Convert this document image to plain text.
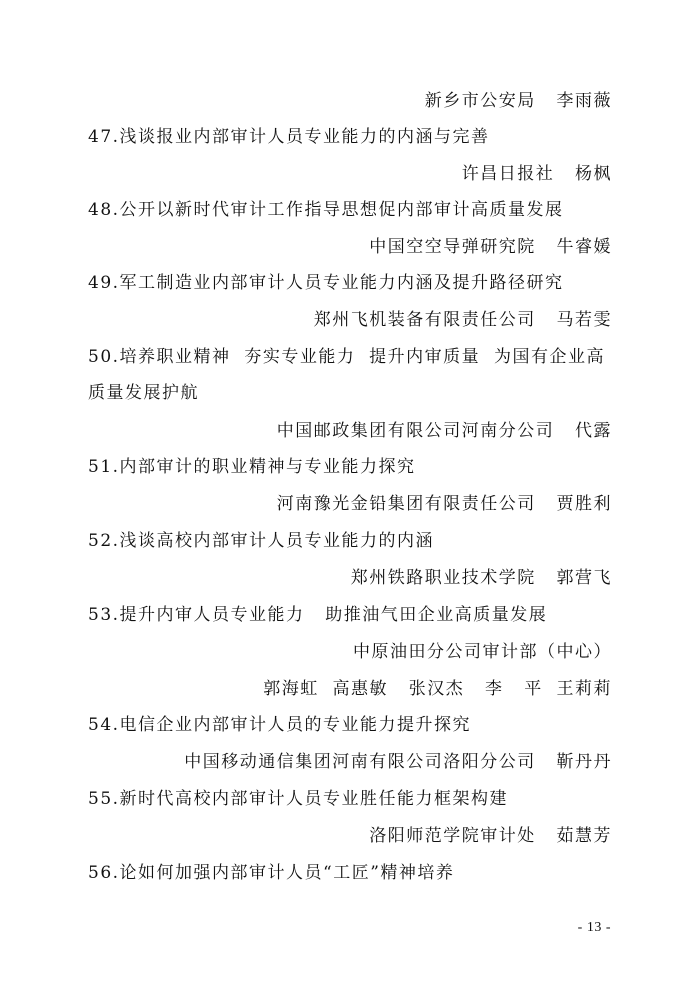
新乡市公安局   李雨薇
47.浅谈报业内部审计人员专业能力的内涵与完善
许昌日报社   杨枫
48.公开以新时代审计工作指导思想促内部审计高质量发展
中国空空导弹研究院   牛睿媛
49.军工制造业内部审计人员专业能力内涵及提升路径研究
郑州飞机装备有限责任公司   马若雯
50.培养职业精神  夯实专业能力  提升内审质量  为国有企业高
质量发展护航
中国邮政集团有限公司河南分公司   代露
51.内部审计的职业精神与专业能力探究
河南豫光金铅集团有限责任公司   贾胜利
52.浅谈高校内部审计人员专业能力的内涵
郑州铁路职业技术学院   郭营飞
53.提升内审人员专业能力   助推油气田企业高质量发展
中原油田分公司审计部（中心）
郭海虹  高惠敏   张汉杰   李   平  王莉莉
54.电信企业内部审计人员的专业能力提升探究
中国移动通信集团河南有限公司洛阳分公司   靳丹丹
55.新时代高校内部审计人员专业胜任能力框架构建
洛阳师范学院审计处   茹慧芳
56.论如何加强内部审计人员“工匠”精神培养
- 13 -
